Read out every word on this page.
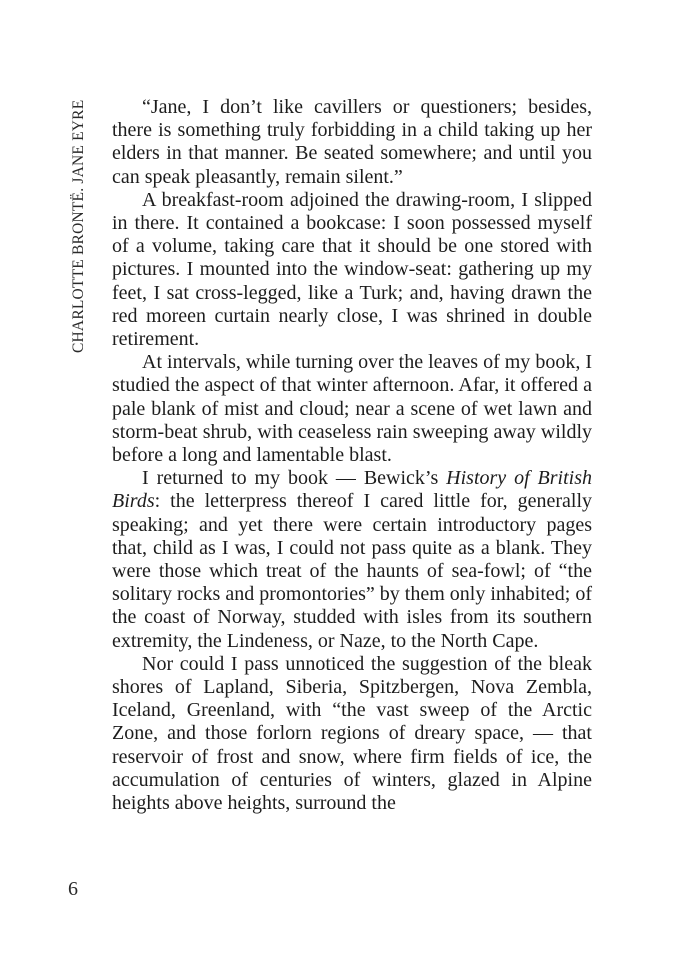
CHARLOTTE BRONTË. JANE EYRE	“Jane, I don’t like cavillers or questioners; besides, there is something truly forbidding in a child taking up her elders in that manner. Be seated somewhere; and until you can speak pleasantly, remain silent.”

A breakfast-room adjoined the drawing-room, I slipped in there. It contained a bookcase: I soon possessed myself of a volume, taking care that it should be one stored with pictures. I mounted into the window-seat: gathering up my feet, I sat cross-legged, like a Turk; and, having drawn the red moreen curtain nearly close, I was shrined in double retirement.

At intervals, while turning over the leaves of my book, I studied the aspect of that winter afternoon. Afar, it offered a pale blank of mist and cloud; near a scene of wet lawn and storm-beat shrub, with ceaseless rain sweeping away wildly before a long and lamentable blast.

I returned to my book — Bewick’s History of British Birds: the letterpress thereof I cared little for, generally speaking; and yet there were certain introductory pages that, child as I was, I could not pass quite as a blank. They were those which treat of the haunts of sea-fowl; of “the solitary rocks and promontories” by them only inhabited; of the coast of Norway, studded with isles from its southern extremity, the Lindeness, or Naze, to the North Cape.

Nor could I pass unnoticed the suggestion of the bleak shores of Lapland, Siberia, Spitzbergen, Nova Zembla, Iceland, Greenland, with “the vast sweep of the Arctic Zone, and those forlorn regions of dreary space, — that reservoir of frost and snow, where firm fields of ice, the accumulation of centuries of winters, glazed in Alpine heights above heights, surround the

6
